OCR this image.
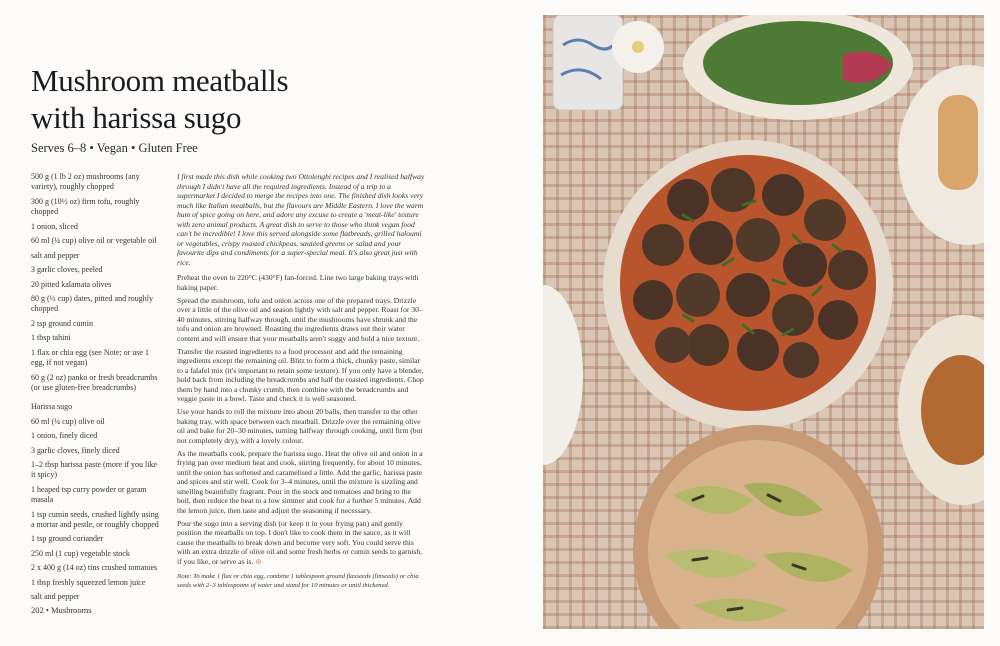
Mushroom meatballs
with harissa sugo
Serves 6–8 • Vegan • Gluten Free
500 g (1 lb 2 oz) mushrooms (any variety), roughly chopped
300 g (10½ oz) firm tofu, roughly chopped
1 onion, sliced
60 ml (¼ cup) olive oil or vegetable oil
salt and pepper
3 garlic cloves, peeled
20 pitted kalamata olives
80 g (½ cup) dates, pitted and roughly chopped
2 tsp ground cumin
1 tbsp tahini
1 flax or chia egg (see Note; or use 1 egg, if not vegan)
60 g (2 oz) panko or fresh breadcrumbs (or use gluten-free breadcrumbs)
Harissa sugo
60 ml (¼ cup) olive oil
1 onion, finely diced
3 garlic cloves, finely diced
1–2 tbsp harissa paste (more if you like it spicy)
1 heaped tsp curry powder or garam masala
1 tsp cumin seeds, crushed lightly using a mortar and pestle, or roughly chopped
1 tsp ground coriander
250 ml (1 cup) vegetable stock
2 x 400 g (14 oz) tins crushed tomatoes
1 tbsp freshly squeezed lemon juice
salt and pepper
202 • Mushrooms

I first made this dish while cooking two Ottolenghi recipes and I realised halfway through I didn't have all the required ingredients. Instead of a trip to a supermarket I decided to merge the recipes into one. The finished dish looks very much like Italian meatballs, but the flavours are Middle Eastern. I love the warm hum of spice going on here, and adore any excuse to create a 'meat-like' texture with zero animal products. A great dish to serve to those who think vegan food can't be incredible! I love this served alongside some flatbreads, grilled haloumi or vegetables, crispy roasted chickpeas, sautéed greens or salad and your favourite dips and condiments for a super-special meal. It's also great just with rice.

Preheat the oven to 220°C (430°F) fan-forced. Line two large baking trays with baking paper.

Spread the mushroom, tofu and onion across one of the prepared trays. Drizzle over a little of the olive oil and season lightly with salt and pepper. Roast for 30–40 minutes, stirring halfway through, until the mushrooms have shrunk and the tofu and onion are browned. Roasting the ingredients draws out their water content and will ensure that your meatballs aren't soggy and hold a nice texture.

Transfer the roasted ingredients to a food processor and add the remaining ingredients except the remaining oil. Blitz to form a thick, chunky paste, similar to a falafel mix (it's important to retain some texture). If you only have a blender, hold back from including the breadcrumbs and half the roasted ingredients. Chop them by hand into a chunky crumb, then combine with the breadcrumbs and veggie paste in a bowl. Taste and check it is well seasoned.

Use your hands to roll the mixture into about 20 balls, then transfer to the other baking tray, with space between each meatball. Drizzle over the remaining olive oil and bake for 20–30 minutes, turning halfway through cooking, until firm (but not completely dry), with a lovely colour.

As the meatballs cook, prepare the harissa sugo. Heat the olive oil and onion in a frying pan over medium heat and cook, stirring frequently, for about 10 minutes, until the onion has softened and caramelised a little. Add the garlic, harissa paste and spices and stir well. Cook for 3–4 minutes, until the mixture is sizzling and smelling beautifully fragrant. Pour in the stock and tomatoes and bring to the boil, then reduce the heat to a low simmer and cook for a further 5 minutes. Add the lemon juice, then taste and adjust the seasoning if necessary.

Pour the sugo into a serving dish (or keep it in your frying pan) and gently position the meatballs on top. I don't like to cook them in the sauce, as it will cause the meatballs to break down and become very soft. You could serve this with an extra drizzle of olive oil and some fresh herbs or cumin seeds to garnish, if you like, or serve as is. ⊕

Note: To make 1 flax or chia egg, combine 1 tablespoon ground flaxseeds (linseeds) or chia seeds with 2–3 tablespoons of water and stand for 10 minutes or until thickened.
